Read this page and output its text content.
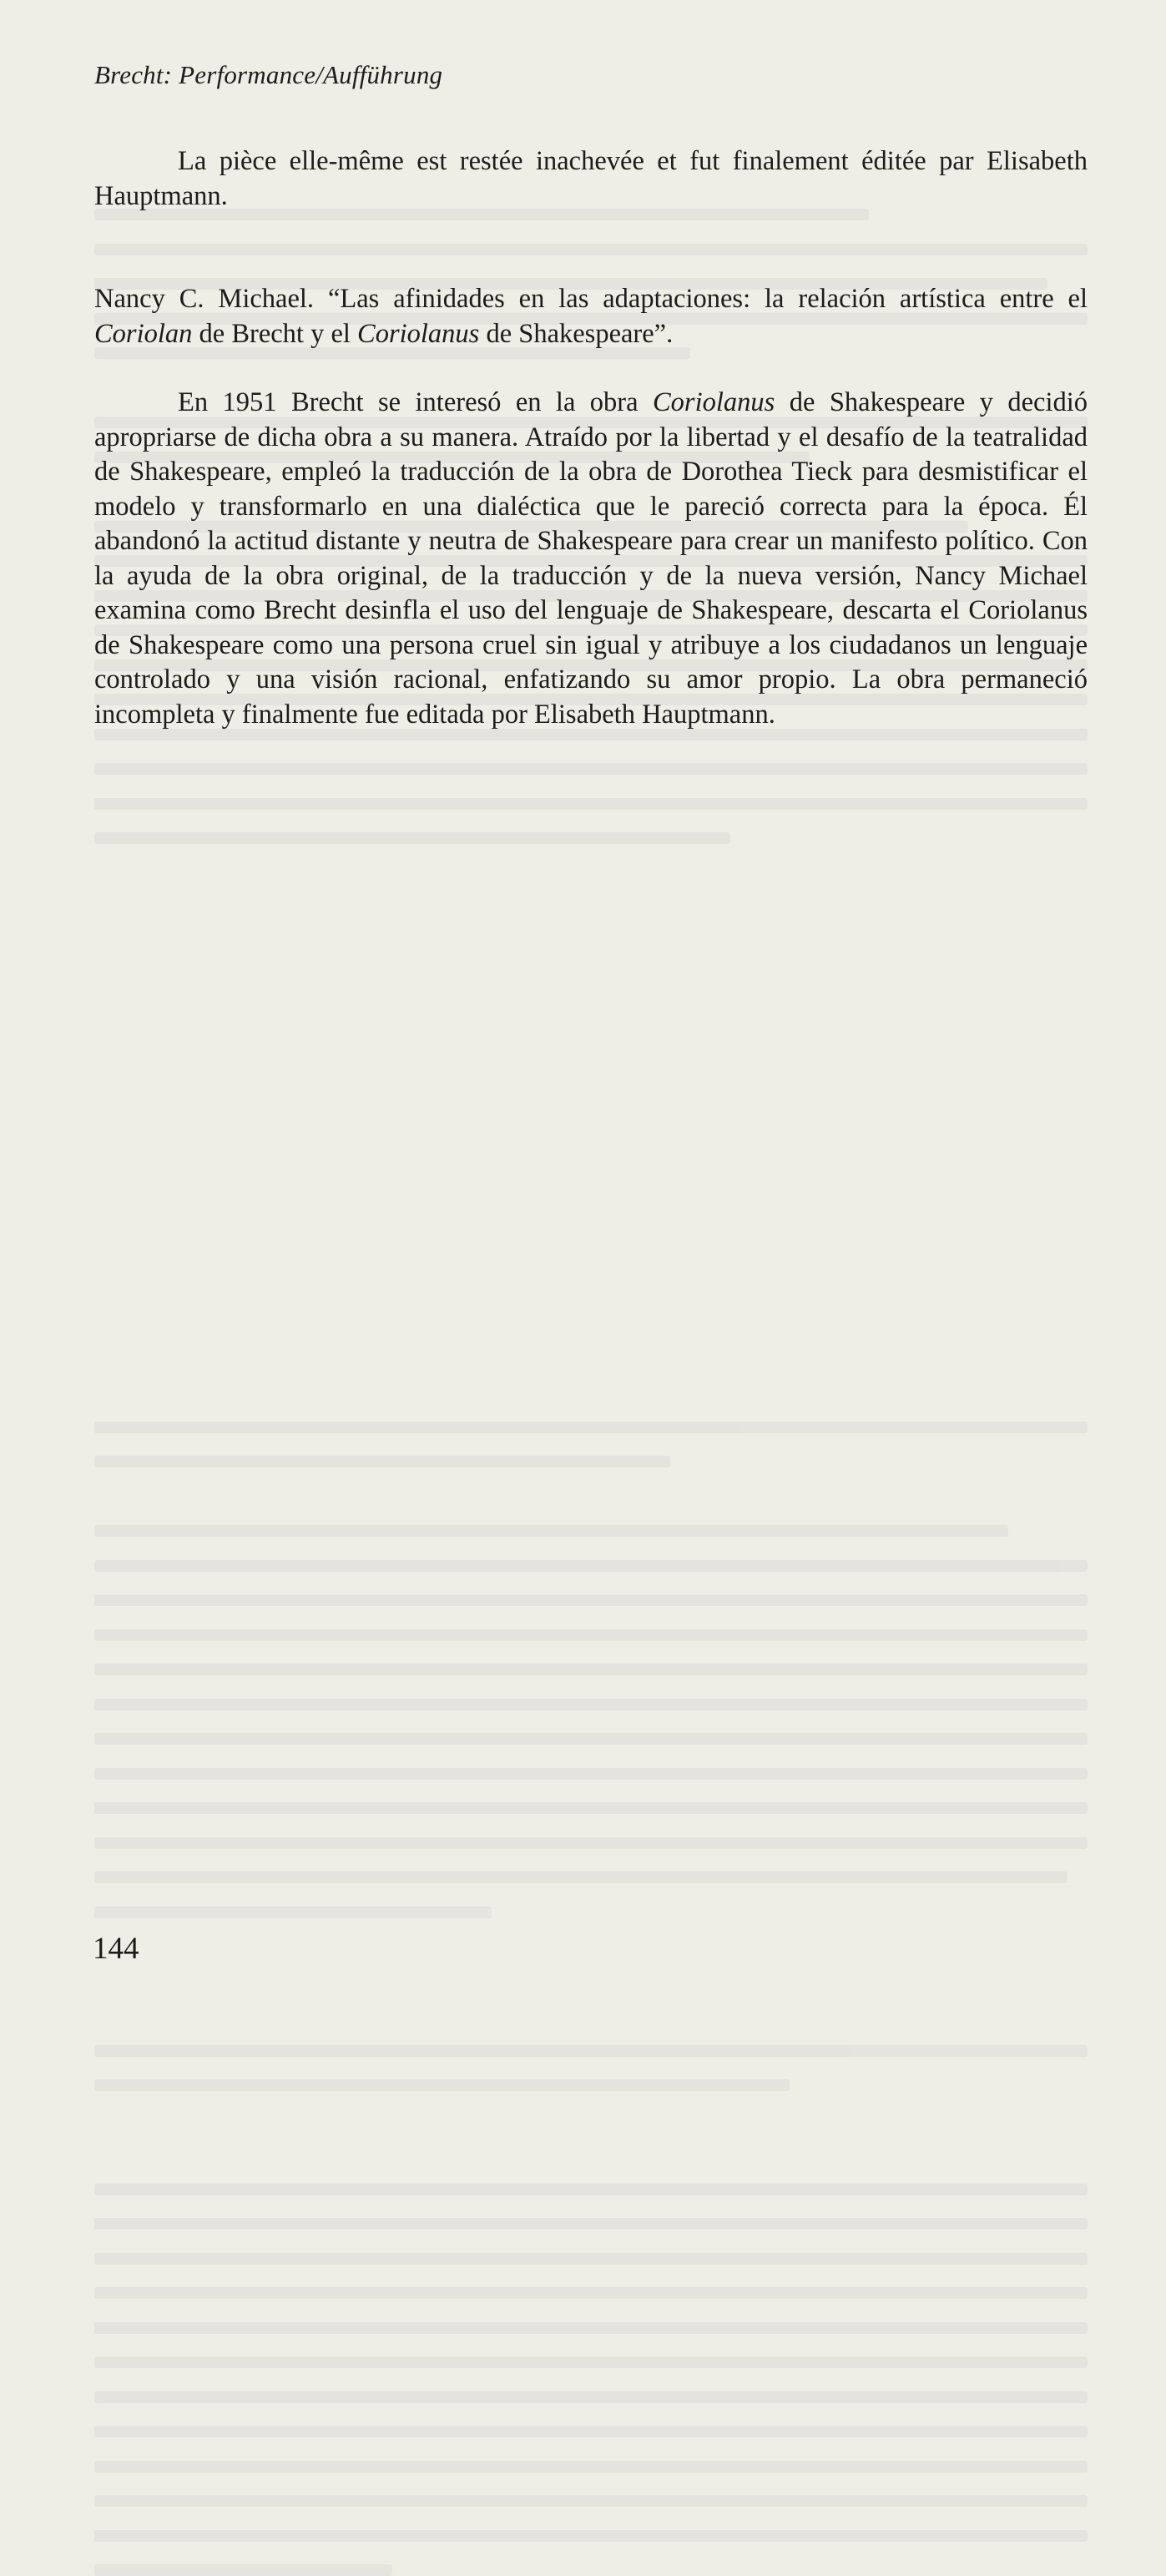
Brecht: Performance/Aufführung

La pièce elle-même est restée inachevée et fut finalement éditée par Elisabeth Hauptmann.

Nancy C. Michael. “Las afinidades en las adaptaciones: la relación artística entre el Coriolan de Brecht y el Coriolanus de Shakespeare”.

En 1951 Brecht se interesó en la obra Coriolanus de Shakespeare y decidió apropriarse de dicha obra a su manera. Atraído por la libertad y el desafío de la teatralidad de Shakespeare, empleó la traducción de la obra de Dorothea Tieck para desmistificar el modelo y transformarlo en una dialéctica que le pareció correcta para la época. Él abandonó la actitud distante y neutra de Shakespeare para crear un manifesto político. Con la ayuda de la obra original, de la traducción y de la nueva versión, Nancy Michael examina como Brecht desinfla el uso del lenguaje de Shakespeare, descarta el Coriolanus de Shakespeare como una persona cruel sin igual y atribuye a los ciudadanos un lenguaje controlado y una visión racional, enfatizando su amor propio. La obra permaneció incompleta y finalmente fue editada por Elisabeth Hauptmann.

144
